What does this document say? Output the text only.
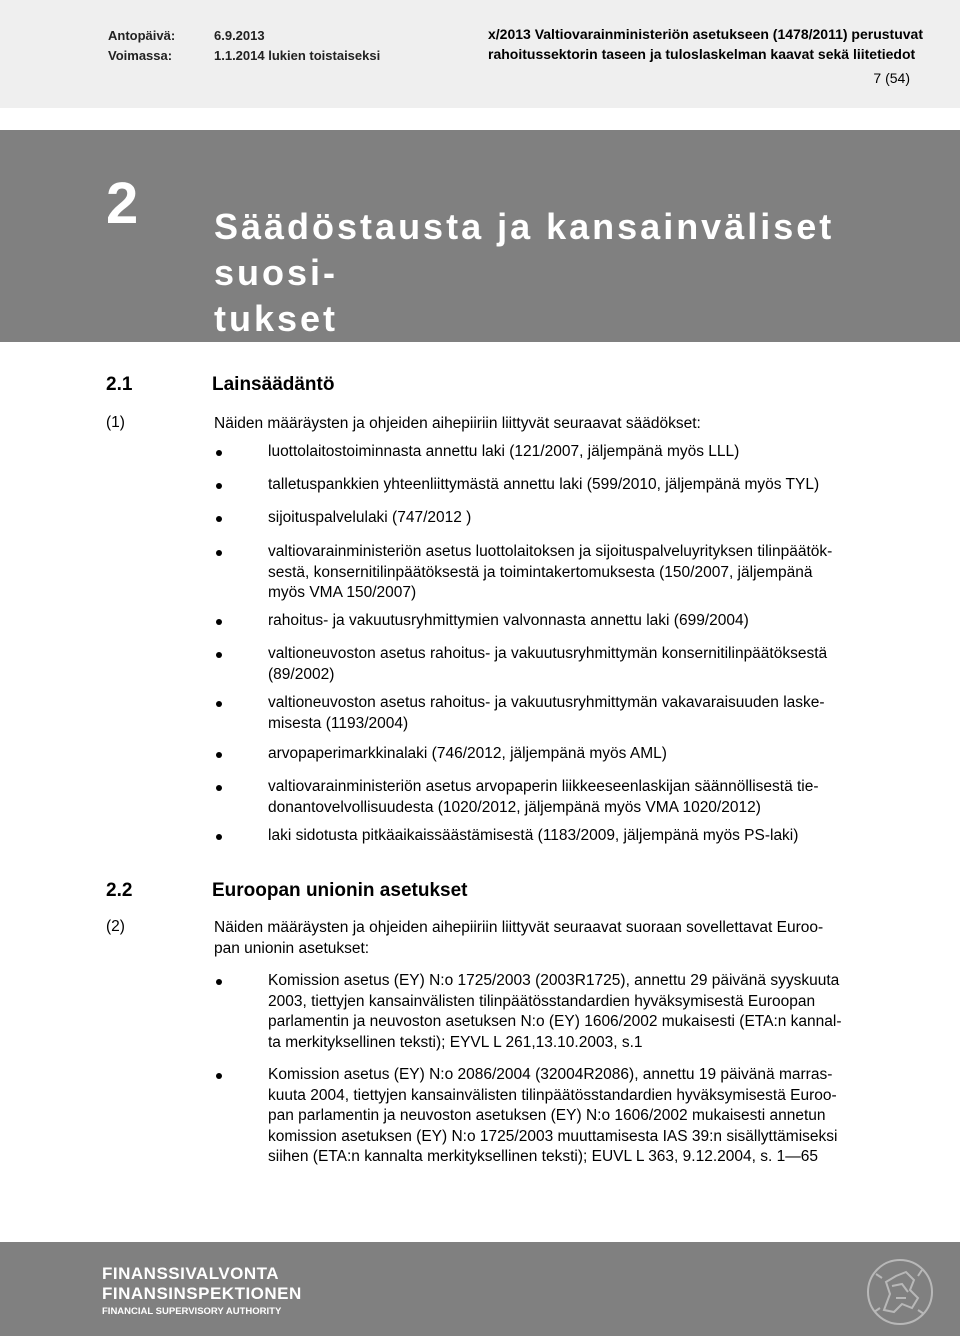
Antopäivä:	6.9.2013
Voimassa:	1.1.2014 lukien toistaiseksi
x/2013 Valtiovarainministeriön asetukseen (1478/2011) perustuvat
rahoitussektorin taseen ja tuloslaskelman kaavat sekä liitetiedot
7 (54)
2 Säädöstausta ja kansainväliset suosi-
tukset
2.1	Lainsäädäntö
(1)	Näiden määräysten ja ohjeiden aihepiiriin liittyvät seuraavat säädökset:
luottolaitostoiminnasta annettu laki (121/2007, jäljempänä myös LLL)
talletuspankkien yhteenliittymästä annettu laki (599/2010, jäljempänä myös TYL)
sijoituspalvelulaki (747/2012 )
valtiovarainministeriön asetus luottolaitoksen ja sijoituspalveluyrityksen tilinpäätök-
sestä, konsernitilinpäätöksestä ja toimintakertomuksesta (150/2007, jäljempänä
myös VMA 150/2007)
rahoitus- ja vakuutusryhmittymien valvonnasta annettu laki (699/2004)
valtioneuvoston asetus rahoitus- ja vakuutusryhmittymän konsernitilinpäätöksestä
(89/2002)
valtioneuvoston asetus rahoitus- ja vakuutusryhmittymän vakavaraisuuden laske-
misesta (1193/2004)
arvopaperimarkkinalaki (746/2012, jäljempänä myös AML)
valtiovarainministeriön asetus arvopaperin liikkeeseenlaskijan säännöllisestä tie-
donantovelvollisuudesta (1020/2012, jäljempänä myös VMA 1020/2012)
laki sidotusta pitkäaikaissäästämisestä (1183/2009, jäljempänä myös PS-laki)
2.2	Euroopan unionin asetukset
(2)	Näiden määräysten ja ohjeiden aihepiiriin liittyvät seuraavat suoraan sovellettavat Euroo-
pan unionin asetukset:
Komission asetus (EY) N:o 1725/2003 (2003R1725), annettu 29 päivänä syyskuuta
2003, tiettyjen kansainvälisten tilinpäätösstandardien hyväksymisestä Euroopan
parlamentin ja neuvoston asetuksen N:o (EY) 1606/2002 mukaisesti (ETA:n kannal-
ta merkityksellinen teksti); EYVL L 261,13.10.2003, s.1
Komission asetus (EY) N:o 2086/2004 (32004R2086), annettu 19 päivänä marras-
kuuta 2004, tiettyjen kansainvälisten tilinpäätösstandardien hyväksymisestä Euroo-
pan parlamentin ja neuvoston asetuksen (EY) N:o 1606/2002 mukaisesti annetun
komission asetuksen (EY) N:o 1725/2003 muuttamisesta IAS 39:n sisällyttämiseksi
siihen (ETA:n kannalta merkityksellinen teksti); EUVL L 363, 9.12.2004, s. 1—65
FINANSSIVALVONTA
FINANSINSPEKTIONEN
FINANCIAL SUPERVISORY AUTHORITY
